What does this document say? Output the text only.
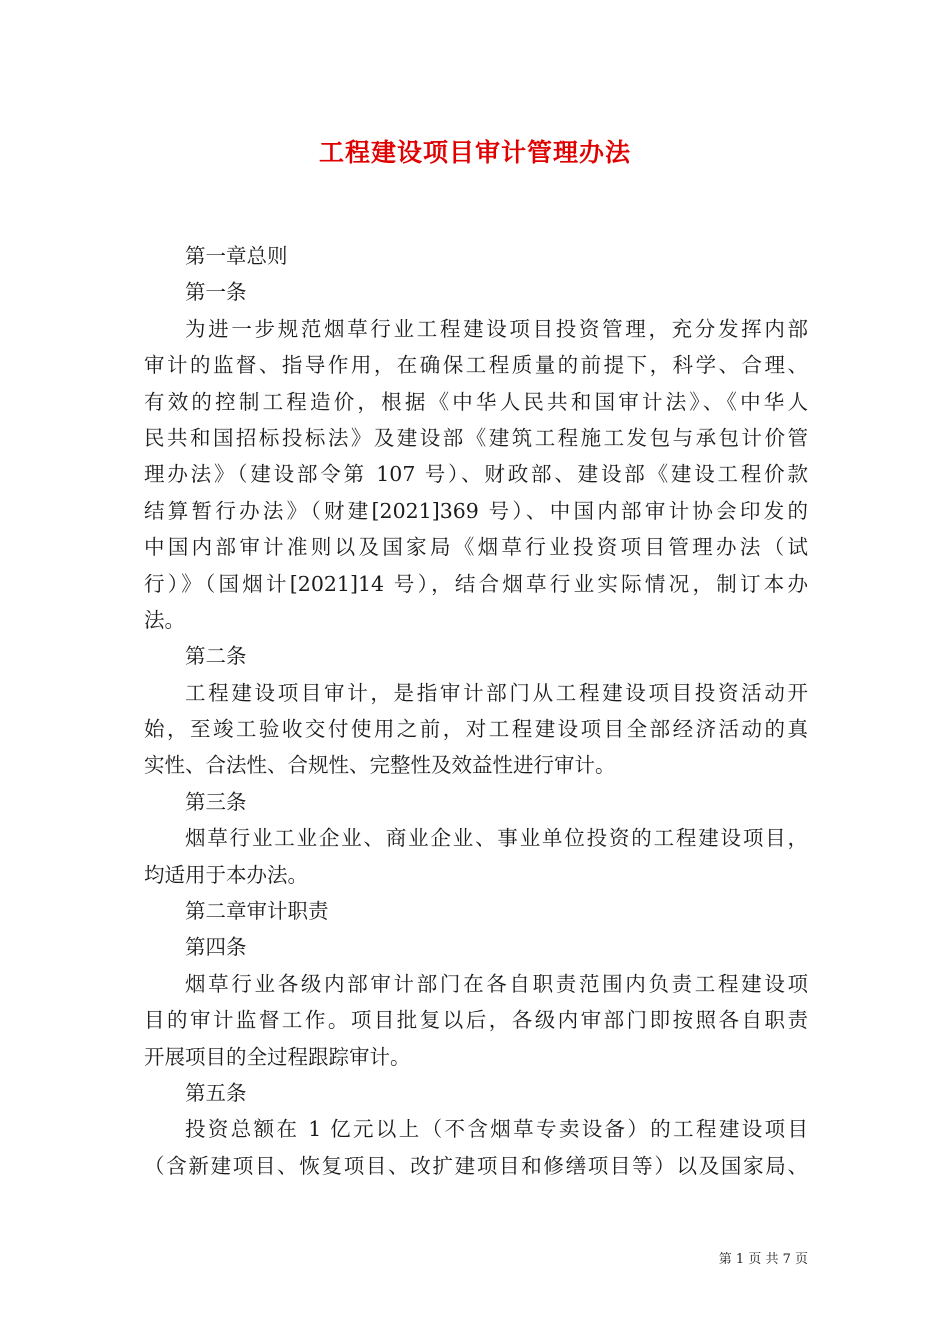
工程建设项目审计管理办法
第一章总则
第一条
为进一步规范烟草行业工程建设项目投资管理，充分发挥内部
审计的监督、指导作用，在确保工程质量的前提下，科学、合理、
有效的控制工程造价，根据《中华人民共和国审计法》、《中华人
民共和国招标投标法》及建设部《建筑工程施工发包与承包计价管
理办法》（建设部令第 107 号）、财政部、建设部《建设工程价款
结算暂行办法》（财建[2021]369 号）、中国内部审计协会印发的
中国内部审计准则以及国家局《烟草行业投资项目管理办法（试
行）》（国烟计[2021]14 号），结合烟草行业实际情况，制订本办
法。
第二条
工程建设项目审计，是指审计部门从工程建设项目投资活动开
始，至竣工验收交付使用之前，对工程建设项目全部经济活动的真
实性、合法性、合规性、完整性及效益性进行审计。
第三条
烟草行业工业企业、商业企业、事业单位投资的工程建设项目，
均适用于本办法。
第二章审计职责
第四条
烟草行业各级内部审计部门在各自职责范围内负责工程建设项
目的审计监督工作。项目批复以后，各级内审部门即按照各自职责
开展项目的全过程跟踪审计。
第五条
投资总额在 1 亿元以上（不含烟草专卖设备）的工程建设项目
（含新建项目、恢复项目、改扩建项目和修缮项目等）以及国家局、
第 1 页 共 7 页
